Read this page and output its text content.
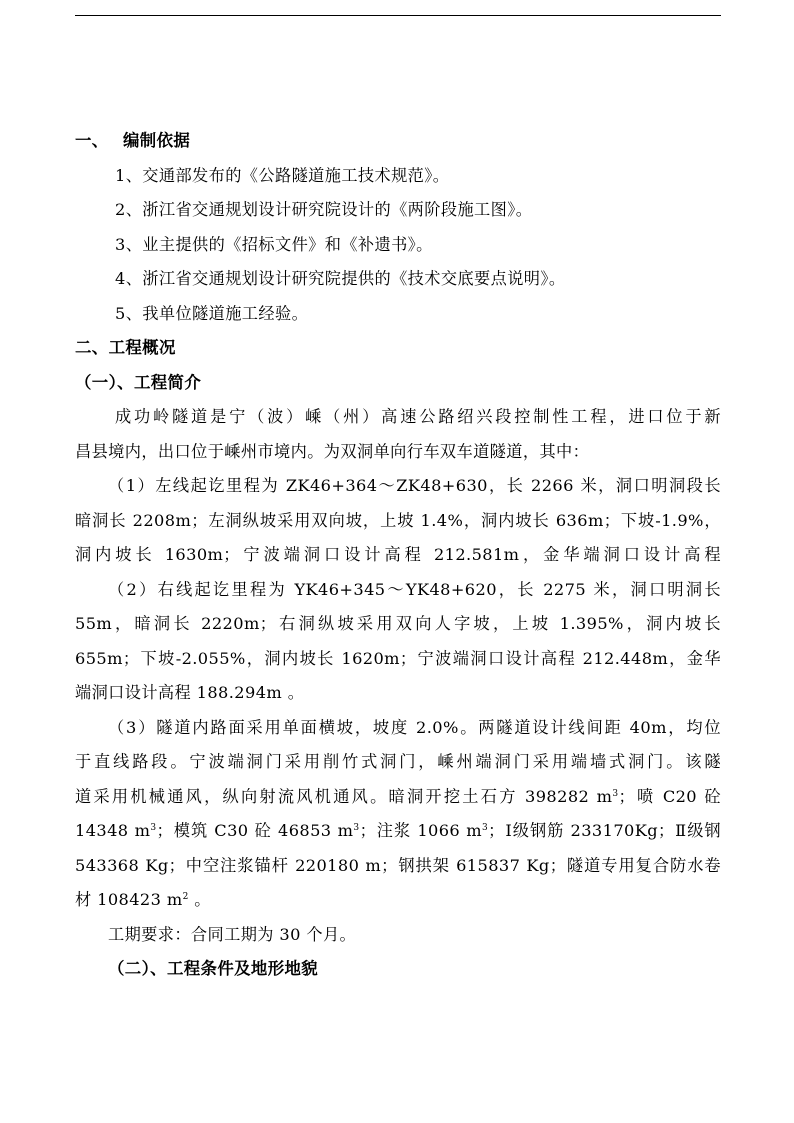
一、 编制依据
1、交通部发布的《公路隧道施工技术规范》。
2、浙江省交通规划设计研究院设计的《两阶段施工图》。
3、业主提供的《招标文件》和《补遗书》。
4、浙江省交通规划设计研究院提供的《技术交底要点说明》。
5、我单位隧道施工经验。
二、工程概况
（一）、工程简介
成功岭隧道是宁（波）嵊（州）高速公路绍兴段控制性工程，进口位于新
昌县境内，出口位于嵊州市境内。为双洞单向行车双车道隧道，其中：
（1）左线起讫里程为 ZK46+364～ZK48+630，长 2266 米，洞口明洞段长
暗洞长 2208m；左洞纵坡采用双向坡，上坡 1.4%，洞内坡长 636m；下坡-1.9%，
洞内坡长 1630m；宁波端洞口设计高程 212.581m，金华端洞口设计高程
（2）右线起讫里程为 YK46+345～YK48+620，长 2275 米，洞口明洞长
55m，暗洞长 2220m；右洞纵坡采用双向人字坡，上坡 1.395%，洞内坡长
655m；下坡-2.055%，洞内坡长 1620m；宁波端洞口设计高程 212.448m，金华
端洞口设计高程 188.294m 。
（3）隧道内路面采用单面横坡，坡度 2.0%。两隧道设计线间距 40m，均位
于直线路段。宁波端洞门采用削竹式洞门，嵊州端洞门采用端墙式洞门。该隧
道采用机械通风，纵向射流风机通风。暗洞开挖土石方 398282 $m^3$；喷 C20 砼
14348 $m^3$；模筑 C30 砼 46853 $m^3$；注浆 1066 $m^3$；Ⅰ级钢筋 233170Kg；Ⅱ级钢
543368 Kg；中空注浆锚杆 220180 m；钢拱架 615837 Kg；隧道专用复合防水卷
材 108423 $m^2$ 。
工期要求：合同工期为 30 个月。
（二）、工程条件及地形地貌
